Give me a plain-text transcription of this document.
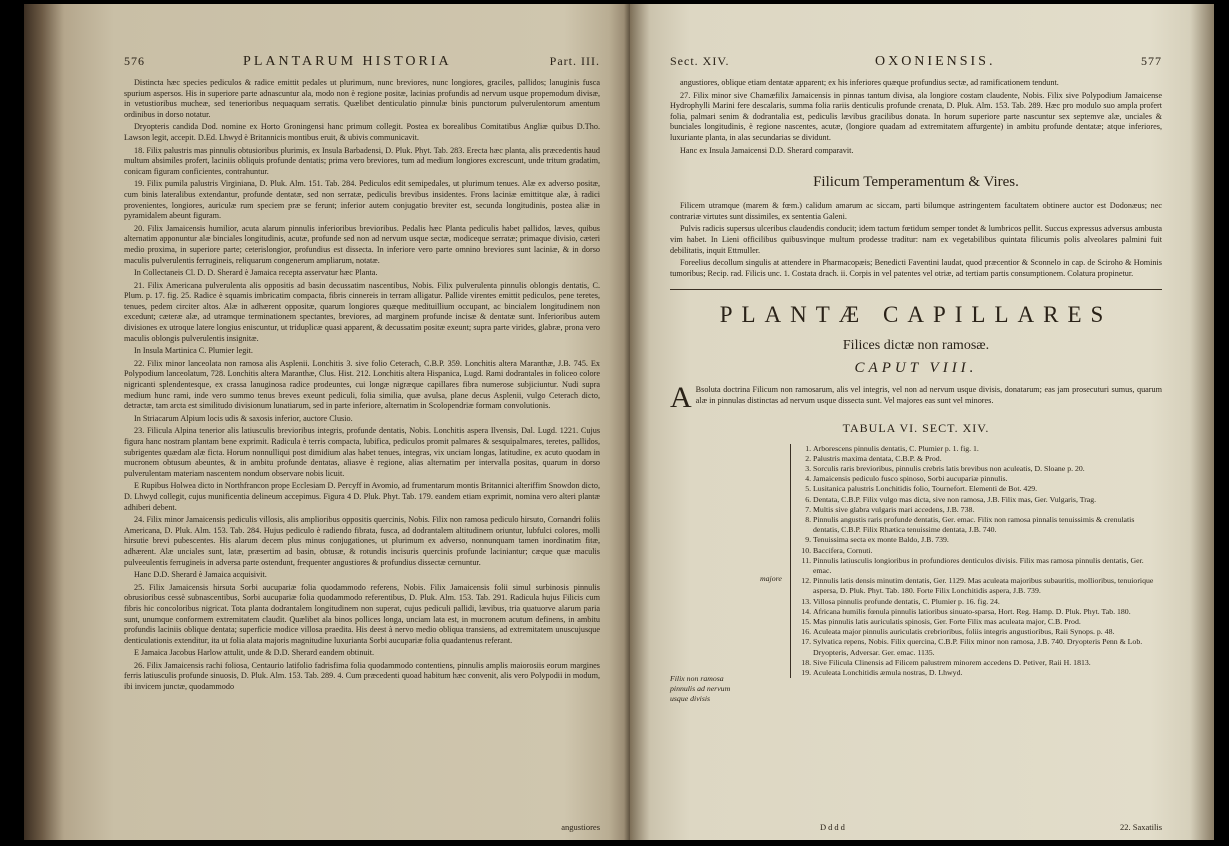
576	PLANTARUM HISTORIA	Part. III.

Distincta hæc species pediculos & radice emittit pedales ut plurimum, nunc breviores, nunc longiores, graciles, pallidos; lanuginis fusca spurium aspersos. His in superiore parte adnascuntur ala, modo non è regione positæ, lacinias profundis ad nervum usque propemodum divisæ, in vetustioribus mucheæ, sed tenerioribus nequaquam serratis. Quælibet denticulatio pinnulæ binis punctorum pulverulentorum amentum ordinibus in dorso notatur.

Dryopteris candida Dod. nomine ex Horto Groningensi hanc primum collegit. Postea ex borealibus Comitatibus Angliæ quibus D.Tho. Lawson legit, accepit. D.Ed. Lhwyd è Britannicis montibus eruit, & ubivis communicavit.

18. Filix palustris mas pinnulis obtusioribus plurimis, ex Insula Barbadensi, D. Pluk. Phyt. Tab. 283. Erecta hæc planta, alis præcedentis haud multum absimiles profert, laciniis obliquis profunde dentatis; prima vero breviores, tum ad medium longiores excrescunt, unde tritum gradatim, conicam figuram conficientes, contrahuntur.

19. Filix pumila palustris Virginiana, D. Pluk. Alm. 151. Tab. 284. Pediculos edit semipedales, ut plurimum tenues. Alæ ex adverso positæ, cum binis lateralibus extendantur, profunde dentatæ, sed non serratæ, pediculis brevibus insidentes. Frons laciniæ emittitque alæ, à radici provenientes, longiores, auriculæ rum speciem præ se ferunt; inferior autem conjugatio breviter est, secunda longitudinis, postea aliæ in pyramidalem abeunt figuram.

20. Filix Jamaicensis humilior, acuta alarum pinnulis inferioribus brevioribus. Pedalis hæc Planta pediculis habet pallidos, læves, quibus alternatim apponuntur alæ binciales longitudinis, acutæ, profunde sed non ad nervum usque sectæ, modiceque serratæ; primaque divisio, cæteri medio proxima, in superiore parte; ceterislongior, profundius est dissecta. In inferiore vero parte omnino breviores sunt laciniæ, & in dorso maculis pulverulentis ferrugineis, reliquarum congenerum ampliarum, notatæ.

In Collectaneis Cl. D. D. Sherard è Jamaica recepta asservatur hæc Planta.

21. Filix Americana pulverulenta alis oppositis ad basin decussatim nascentibus, Nobis. Filix pulverulenta pinnulis oblongis dentatis, C. Plum. p. 17. fig. 25. Radice è squamis imbricatim compacta, fibris cinnereis in terram alligatur. Pallide virentes emittit pediculos, pene teretes, tenues, pedem circiter altos. Alæ in adhærent oppositæ, quarum longiores quæque medituillium occupant, ac bincialem longitudinem non excedunt; cæteræ alæ, ad utramque terminationem spectantes, breviores, ad marginem profunde incisæ & dentatæ sunt. Inferioribus autem divisiones ex utroque latere longius eniscuntur, ut triduplicæ quasi apparent, & decussatim positæ exeunt; supra parte virides, glabræ, prona vero maculis oblongis pulverulentis insignitæ.

In Insula Martinica C. Plumier legit.

22. Filix minor lanceolata non ramosa alis Asplenii. Lonchitis 3. sive folio Ceterach, C.B.P. 359. Lonchitis altera Maranthæ, J.B. 745. Ex Polypodium lanceolatum, 728. Lonchitis altera Maranthæ, Clus. Hist. 212. Lonchitis altera Hispanica, Lugd. Rami dodrantales in foliceo colore nigricanti splendentesque, ex crassa lanuginosa radice prodeuntes, cui longæ nigræque capillares fibra numerose subjiciuntur. Nudi supra medium hunc rami, inde vero summo tenus breves exeunt pediculi, folia similia, quæ avulsa, plane decus Asplenii, vulgo Ceterach dicto, detractæ, tam arcta est similitudo divisionum lunatiarum, sed in parte inferiore, alternatim in Scolopendriæ formam convolutionis.

In Striacarum Alpium locis udis & saxosis inferior, auctore Clusio.

23. Filicula Alpina tenerior alis latiusculis brevioribus integris, profunde dentatis, Nobis. Lonchitis aspera Ilvensis, Dal. Lugd. 1221. Cujus figura hanc nostram plantam bene exprimit. Radicula è terris compacta, lubifica, pediculos promit palmares & sesquipalmares, teretes, pallidos, subrigentes quædam alæ ficta. Horum nonnulliqui post dimidium alas habet tenues, integras, vix unciam longas, latitudine, ex acuto quodam in mucronem obtusum abeuntes, & in ambitu profunde dentatas, aliasve è regione, alias alternatim per intervalla positas, quarum in dorso pulverulentam materiam nascentem nondum observare nobis licuit.

E Rupibus Holwea dicto in Northfrancon prope Ecclesiam D. Percyff in Avomio, ad frumentarum montis Britannici alteriffim Snowdon dicto, D. Lhwyd collegit, cujus munificentia delineum accepimus. Figura 4 D. Pluk. Phyt. Tab. 179. eandem etiam exprimit, nomina vero alteri plantæ adhiberi debent.

24. Filix minor Jamaicensis pediculis villosis, alis amplioribus oppositis quercinis, Nobis. Filix non ramosa pediculo hirsuto, Cornandri foliis Americana, D. Pluk. Alm. 153. Tab. 284. Hujus pediculo è radiendo fibrata, fusca, ad dodrantalem altitudinem oriuntur, lubfulci colores, molli hirsutie brevi pubescentes. His alarum decem plus minus conjugationes, ut plurimum ex adverso, nonnunquam tamen inordinatim fitæ, adhærent. Alæ unciales sunt, latæ, præsertim ad basin, obtusæ, & rotundis incisuris quercinis profunde laciniantur; cæque quæ maculis pulveeulentis ferrugineis in adversa parte ostendunt, frequenter angustiores & profundius dissectæ cernuntur.

Hanc D.D. Sherard è Jamaica acquisivit.

25. Filix Jamaicensis hirsuta Sorbi aucupariæ folia quodammodo referens, Nobis. Filix Jamaicensis folii simul surbinosis pinnulis obrusioribus cessè subnascentibus, Sorbi aucupariæ folia quodammodo referentibus, D. Pluk. Alm. 153. Tab. 291. Radicula hujus Filicis cum fibris hic concoloribus nigricat. Tota planta dodrantalem longitudinem non superat, cujus pediculi pallidi, lævibus, tria quatuorve alarum paria sunt, unumque conformem extremitatem claudit. Quælibet ala binos pollices longa, unciam lata est, in mucronem acutum definens, in ambitu profundis laciniis oblique dentata; superficie modice villosa praedita. His deest à nervo medio obliqua transiens, ad extremitatem unuscujusque denticulationis extenditur, ita ut folia alata majoris magnitudine luxurianta Sorbi aucupariæ folia quadantenus referant.

E Jamaica Jacobus Harlow attulit, unde & D.D. Sherard eandem obtinuit.

26. Filix Jamaicensis rachi foliosa, Centaurio latifolio fadrisfima folia quodammodo contentiens, pinnulis amplis maiorosiis eorum margines ferris latiusculis profunde sinuosis, D. Pluk. Alm. 153. Tab. 289. 4. Cum præcedenti quoad habitum hæc convenit, alis vero Polypodii in modum, ibi invicem junctæ, quodammodo

angustiores
Sect. XIV.	OXONIENSIS.	577

angustiores, oblique etiam dentatæ apparent; ex his inferiores quæque profundius sectæ, ad ramificationem tendunt.

27. Filix minor sive Chamæfilix Jamaicensis in pinnas tantum divisa, ala longiore costam claudente, Nobis. Filix sive Polypodium Jamaicense Hydrophylli Marini fere descalaris, summa folia rariis denticulis profunde crenata, D. Pluk. Alm. 153. Tab. 289. Hæc pro modulo suo ampla profert folia, palmari senim & dodrantalia est, pediculis lævibus gracilibus donata. In horum superiore parte nascuntur sex septemve alæ, unciales & bunciales longitudinis, è regione nascentes, acutæ, (longiore quadam ad extremitatem affurgente) in ambitu profunde dentatæ; atque inferiores, luxuriante planta, in alas secundarias se dividunt.

Hanc ex Insula Jamaicensi D.D. Sherard comparavit.

Filicum Temperamentum & Vires.

Filicem utramque (marem & fœm.) calidum amarum ac siccam, parti bilumque astringentem facultatem obtinere auctor est Dodonæus; nec contrariæ virtutes sunt dissimiles, ex sententia Galeni.

Pulvis radicis supersus ulceribus claudendis conducit; idem tactum fœtidum semper tondet & lumbricos pellit. Succus expressus adversus ambusta vim habet. In Lieni officilibus quibusvinque multum prodesse traditur: nam ex vegetabilibus quintata filicumis polis alveolares palmini fuit debilitatis, inquit Ettmuller.

Foreelius decollum singulis at attendere in Pharmacopæis; Benedicti Faventini laudat, quod præcentior & Sconnelo in cap. de Sciroho & Hominis tumoribus; Recip. rad. Filicis unc. 1. Costata drach. ii. Corpis in vel patentes vel otriæ, ad tertiam partis consumptionem. Colatura propinetur.

PLANTÆ CAPILLARES
Filices dictæ non ramosæ.
CAPUT VIII.
A Bsoluta doctrina Filicum non ramosarum, alis vel integris, vel non ad nervum usque divisis, donatarum; eas jam prosecuturi sumus, quarum alæ in pinnulas distinctas ad nervum usque dissecta sunt. Vel majores eas sunt vel minores.
TABULA VI. SECT. XIV.
majore
Filix non ramosa pinnulis ad nervum usque divisis
1. Arborescens pinnulis dentatis, C. Plumier p. 1. fig. 1.
2. Palustris maxima dentata, C.B.P. & Prod.
3. Sorculis raris brevioribus, pinnulis crebris latis brevibus non aculeatis, D. Sloane p. 20.
4. Jamaicensis pediculo fusco spinoso, Sorbi aucupariæ pinnulis.
5. Lusitanica palustris Lonchitidis folio, Tournefort. Elementi de Bot. 429.
6. Dentata, C.B.P. Filix vulgo mas dicta, sive non ramosa, J.B. Filix mas, Ger. Vulgaris, Trag.
7. Multis sive glabra vulgaris mari accedens, J.B. 738.
8. Pinnulis angustis raris profunde dentatis, Ger. emac. Filix non ramosa pinnalis tenuissimis & crenulatis dentatis, C.B.P. Filix Rhætica tenuissime dentata, J.B. 740.
9. Tenuissima secta ex monte Baldo, J.B. 739.
10. Baccifera, Cornuti.
11. Pinnulis latiusculis longioribus in profundiores denticulos divisis. Filix mas ramosa pinnulis dentatis, Ger. emac.
12. Pinnulis latis densis minutim dentatis, Ger. 1129. Mas aculeata majoribus subauritis, mollioribus, tenuiorique aspersa, D. Pluk. Phyt. Tab. 180. Forte Filix Lonchitidis aspera, J.B. 739.
13. Villosa pinnulis profunde dentatis, C. Plumier p. 16. fig. 24.
14. Africana humilis fœnula pinnulis latioribus sinuato-sparsa, Hort. Reg. Hamp. D. Pluk. Phyt. Tab. 180.
15. Mas pinnulis latis auriculatis spinosis, Ger. Forte Filix mas aculeata major, C.B. Prod.
16. Aculeata major pinnulis auriculatis crebrioribus, foliis integris angustioribus, Raii Synops. p. 48.
17. Sylvatica repens, Nobis. Filix quercina, C.B.P. Filix minor non ramosa, J.B. 740. Dryopteris Penn & Lob. Dryopteris, Adversar. Ger. emac. 1135.
18. Sive Filicula Clinensis ad Filicem palustrem minorem accedens D. Petiver, Raii H. 1813.
19. Aculeata Lonchitidis æmula nostras, D. Lhwyd.
Dddd	22. Saxatilis
